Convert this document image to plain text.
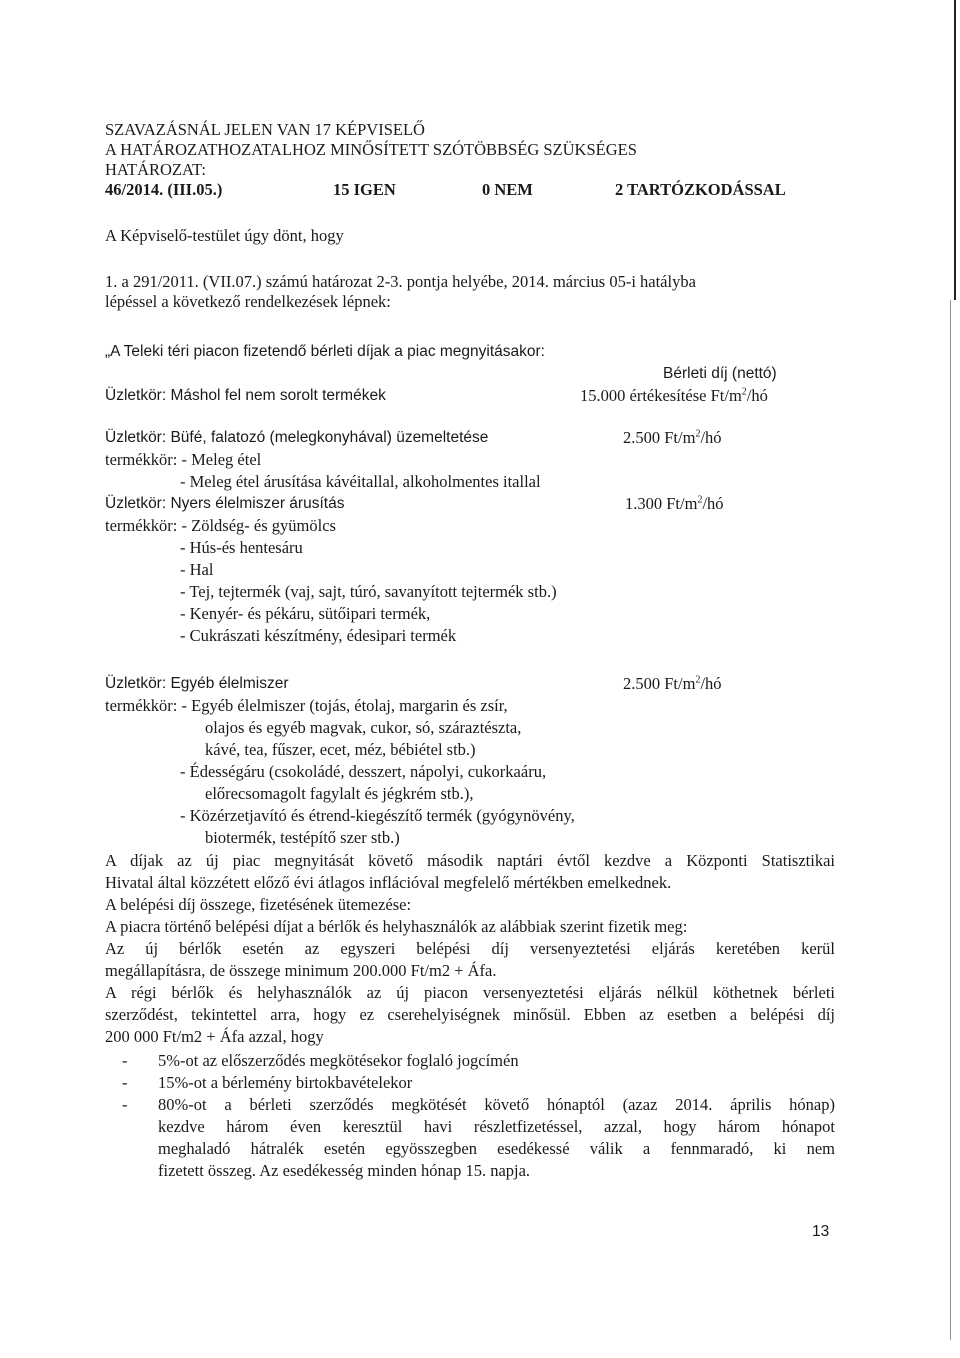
SZAVAZÁSNÁL JELEN VAN 17 KÉPVISELŐ
A HATÁROZATHOZATALHOZ MINŐSÍTETT SZÓTÖBBSÉG SZÜKSÉGES
HATÁROZAT:
46/2014. (III.05.)	15 IGEN	0 NEM	2 TARTÓZKODÁSSAL
A Képviselő-testület úgy dönt, hogy
1. a 291/2011. (VII.07.) számú határozat 2-3. pontja helyébe, 2014. március 05-i hatályba
lépéssel a következő rendelkezések lépnek:
„A Teleki téri piacon fizetendő bérleti díjak a piac megnyitásakor:
Bérleti díj (nettó)
Üzletkör: Máshol fel nem sorolt termékek	15.000 értékesítése $Ft/m^2/hó$
Üzletkör: Büfé, falatozó (melegkonyhával) üzemeltetése	2.500 $Ft/m^2/hó$
termékkör: - Meleg étel
- Meleg étel árusítása kávéitallal, alkoholmentes itallal
Üzletkör: Nyers élelmiszer árusítás	1.300 $Ft/m^2/hó$
termékkör: - Zöldség- és gyümölcs
- Hús-és hentesáru
- Hal
- Tej, tejtermék (vaj, sajt, túró, savanyított tejtermék stb.)
- Kenyér- és pékáru, sütőipari termék,
- Cukrászati készítmény, édesipari termék
Üzletkör: Egyéb élelmiszer	2.500 $Ft/m^2/hó$
termékkör: - Egyéb élelmiszer (tojás, étolaj, margarin és zsír,
olajos és egyéb magvak, cukor, só, száraztészta,
kávé, tea, fűszer, ecet, méz, bébiétel stb.)
- Édességáru (csokoládé, desszert, nápolyi, cukorkaáru,
előrecsomagolt fagylalt és jégkrém stb.),
- Közérzetjavító és étrend-kiegészítő termék (gyógynövény,
biotermék, testépítő szer stb.)
A díjak az új piac megnyitását követő második naptári évtől kezdve a Központi Statisztikai
Hivatal által közzétett előző évi átlagos inflációval megfelelő mértékben emelkednek.
A belépési díj összege, fizetésének ütemezése:
A piacra történő belépési díjat a bérlők és helyhasználók az alábbiak szerint fizetik meg:
Az új bérlők esetén az egyszeri belépési díj versenyeztetési eljárás keretében kerül
megállapításra, de összege minimum 200.000 Ft/m2 + Áfa.
A régi bérlők és helyhasználók az új piacon versenyeztetési eljárás nélkül köthetnek bérleti
szerződést, tekintettel arra, hogy ez cserehelyiségnek minősül. Ebben az esetben a belépési díj
200 000 Ft/m2 + Áfa azzal, hogy
- 5%-ot az előszerződés megkötésekor foglaló jogcímén
- 15%-ot a bérlemény birtokbavételekor
- 80%-ot a bérleti szerződés megkötését követő hónaptól (azaz 2014. április hónap)
kezdve három éven keresztül havi részletfizetéssel, azzal, hogy három hónapot
meghaladó hátralék esetén egyösszegben esedékessé válik a fennmaradó, ki nem
fizetett összeg. Az esedékesség minden hónap 15. napja.
13
